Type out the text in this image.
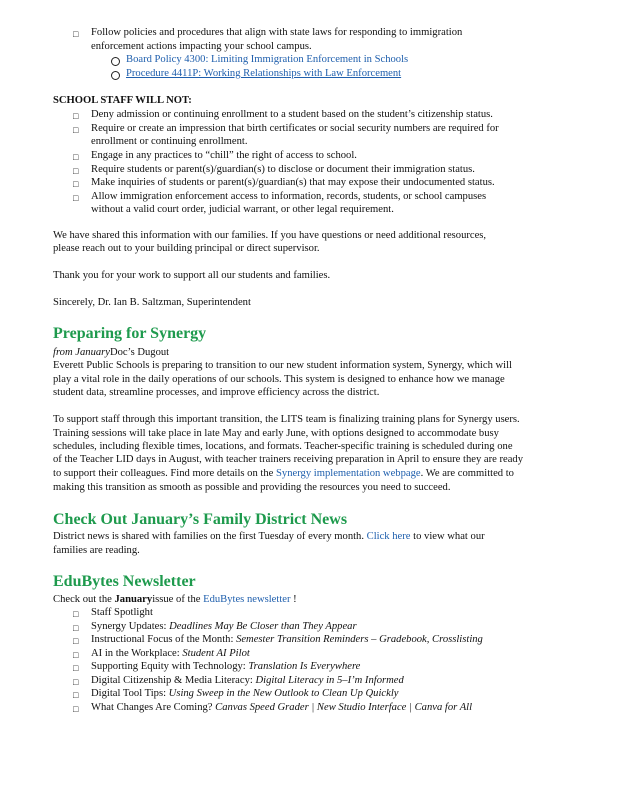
□	Follow policies and procedures that align with state laws for responding to immigration
enforcement actions impacting your school campus.
Board Policy 4300: Limiting Immigration Enforcement in Schools
Procedure 4411P: Working Relationships with Law Enforcement
SCHOOL STAFF WILL NOT:
□	Deny admission or continuing enrollment to a student based on the student’s citizenship status.
□	Require or create an impression that birth certificates or social security numbers are required for
enrollment or continuing enrollment.
□	Engage in any practices to “chill” the right of access to school.
□	Require students or parent(s)/guardian(s) to disclose or document their immigration status.
□	Make inquiries of students or parent(s)/guardian(s) that may expose their undocumented status.
□	Allow immigration enforcement access to information, records, students, or school campuses
without a valid court order, judicial warrant, or other legal requirement.
We have shared this information with our families. If you have questions or need additional resources,
please reach out to your building principal or direct supervisor.
Thank you for your work to support all our students and families.
Sincerely, Dr. Ian B. Saltzman, Superintendent
Preparing for Synergy
from JanuaryDoc’s Dugout
Everett Public Schools is preparing to transition to our new student information system, Synergy, which will
play a vital role in the daily operations of our schools. This system is designed to enhance how we manage
student data, streamline processes, and improve efficiency across the district.
To support staff through this important transition, the LITS team is finalizing training plans for Synergy users.
Training sessions will take place in late May and early June, with options designed to accommodate busy
schedules, including flexible times, locations, and formats. Teacher-specific training is scheduled during one
of the Teacher LID days in August, with teacher trainers receiving preparation in April to ensure they are ready
to support their colleagues. Find more details on the Synergy implementation webpage. We are committed to
making this transition as smooth as possible and providing the resources you need to succeed.
Check Out January’s Family District News
District news is shared with families on the first Tuesday of every month. Click here to view what our
families are reading.
EduBytes Newsletter
Check out the Januaryissue of the EduBytes newsletter !
□	Staff Spotlight
□	Synergy Updates: Deadlines May Be Closer than They Appear
□	Instructional Focus of the Month: Semester Transition Reminders – Gradebook, Crosslisting
□	AI in the Workplace: Student AI Pilot
□	Supporting Equity with Technology: Translation Is Everywhere
□	Digital Citizenship & Media Literacy: Digital Literacy in 5–I’m Informed
□	Digital Tool Tips: Using Sweep in the New Outlook to Clean Up Quickly
□	What Changes Are Coming? Canvas Speed Grader | New Studio Interface | Canva for All
